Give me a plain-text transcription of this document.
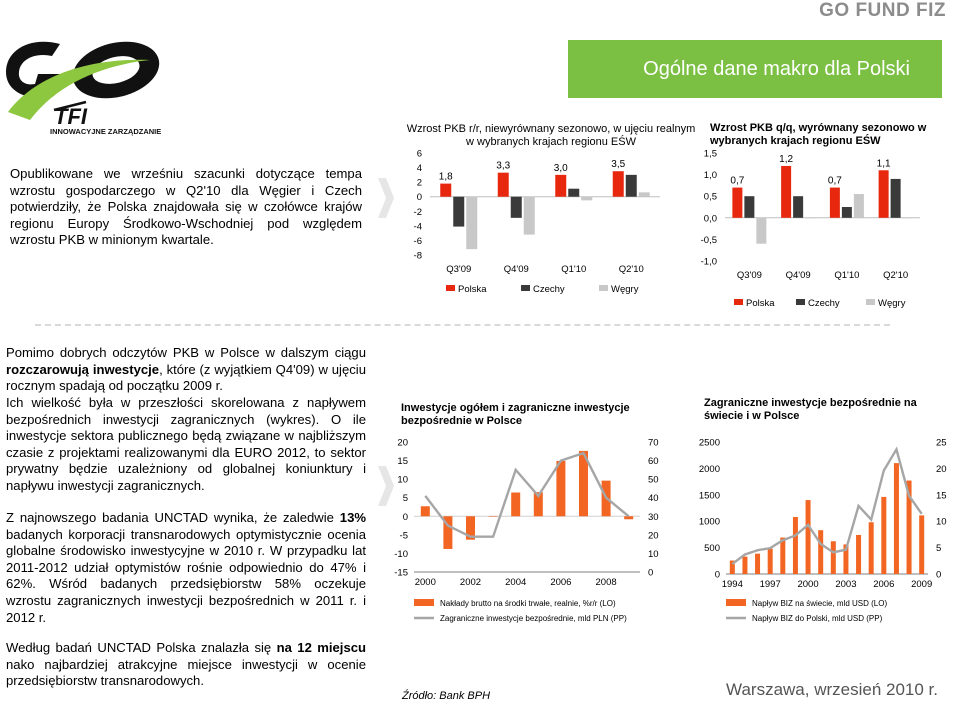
GO FUND FIZ
Ogólne dane makro dla Polski
TFI
INNOWACYJNE ZARZĄDZANIE
Opublikowane we wrześniu szacunki dotyczące tempa wzrostu gospodarczego w Q2'10 dla Węgier i Czech potwierdziły, że Polska znajdowała się w czołówce krajów regionu Europy Środkowo-Wschodniej pod względem wzrostu PKB w minionym kwartale.
Wzrost PKB r/r, niewyrównany sezonowo, w ujęciu realnym w wybranych krajach regionu EŚW
6
4
2
0
-2
-4
-6
-8
1,8
Q3'09
3,3
Q4'09
3,0
Q1'10
3,5
Q2'10
Polska	Czechy	Węgry
Wzrost PKB q/q, wyrównany sezonowo w wybranych krajach regionu EŚW
1,5
1,0
0,5
0,0
-0,5
-1,0
0,7
Q3'09
1,2
Q4'09
0,7
Q1'10
1,1
Q2'10
Polska	Czechy	Węgry
Pomimo dobrych odczytów PKB w Polsce w dalszym ciągu rozczarowują inwestycje, które (z wyjątkiem Q4'09) w ujęciu rocznym spadają od początku 2009 r.
Ich wielkość była w przeszłości skorelowana z napływem bezpośrednich inwestycji zagranicznych (wykres). O ile inwestycje sektora publicznego będą związane w najbliższym czasie z projektami realizowanymi dla EURO 2012, to sektor prywatny będzie uzależniony od globalnej koniunktury i napływu inwestycji zagranicznych.
Z najnowszego badania UNCTAD wynika, że zaledwie 13% badanych korporacji transnarodowych optymistycznie ocenia globalne środowisko inwestycyjne w 2010 r. W przypadku lat 2011-2012 udział optymistów rośnie odpowiednio do 47% i 62%. Wśród badanych przedsiębiorstw 58% oczekuje wzrostu zagranicznych inwestycji bezpośrednich w 2011 r. i 2012 r.
Według badań UNCTAD Polska znalazła się na 12 miejscu nako najbardziej atrakcyjne miejsce inwestycji w ocenie przedsiębiorstw transnarodowych.
Inwestycje ogółem i zagraniczne inwestycje bezpośrednie w Polsce
20
15
10
5
0
-5
-10
-15
70
60
50
40
30
20
10
0
2000	2002	2004	2006	2008
Nakłady brutto na środki trwałe, realnie, %r/r (LO)
Zagraniczne inwestycje bezpośrednie, mld PLN (PP)
Zagraniczne inwestycje bezpośrednie na świecie i w Polsce
2500
2000
1500
1000
500
0
25
20
15
10
5
0
1994 1997 2000 2003 2006 2009
Napływ BIZ na świecie, mld USD (LO)
Napływ BIZ do Polski, mld USD (PP)
Źródło: Bank BPH	Warszawa, wrzesień 2010 r.
